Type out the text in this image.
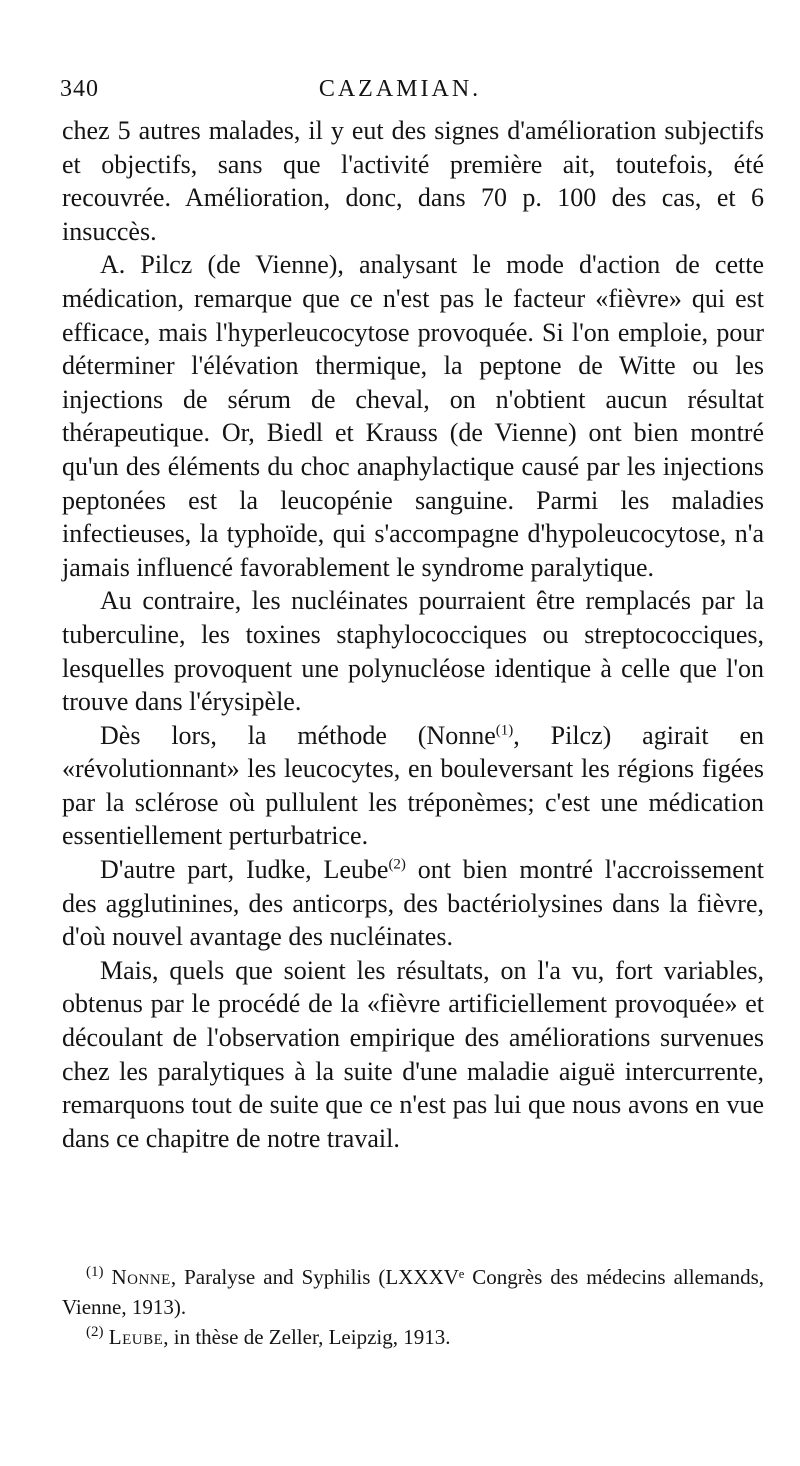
340	CAZAMIAN.

chez 5 autres malades, il y eut des signes d'amélioration subjectifs et objectifs, sans que l'activité première ait, toutefois, été recouvrée. Amélioration, donc, dans 70 p. 100 des cas, et 6 insuccès.

A. Pilcz (de Vienne), analysant le mode d'action de cette médication, remarque que ce n'est pas le facteur «fièvre» qui est efficace, mais l'hyperleucocytose provoquée. Si l'on emploie, pour déterminer l'élévation thermique, la peptone de Witte ou les injections de sérum de cheval, on n'obtient aucun résultat thérapeutique. Or, Biedl et Krauss (de Vienne) ont bien montré qu'un des éléments du choc anaphylactique causé par les injections peptonées est la leucopénie sanguine. Parmi les maladies infectieuses, la typhoïde, qui s'accompagne d'hypoleucocytose, n'a jamais influencé favorablement le syndrome paralytique.

Au contraire, les nucléinates pourraient être remplacés par la tuberculine, les toxines staphylococciques ou streptococciques, lesquelles provoquent une polynucléose identique à celle que l'on trouve dans l'érysipèle.

Dès lors, la méthode (Nonne$^{(1)}$, Pilcz) agirait en «révolutionnant» les leucocytes, en bouleversant les régions figées par la sclérose où pullulent les tréponèmes; c'est une médication essentiellement perturbatrice.

D'autre part, Iudke, Leube$^{(2)}$ ont bien montré l'accroissement des agglutinines, des anticorps, des bactériolysines dans la fièvre, d'où nouvel avantage des nucléinates.

Mais, quels que soient les résultats, on l'a vu, fort variables, obtenus par le procédé de la «fièvre artificiellement provoquée» et découlant de l'observation empirique des améliorations survenues chez les paralytiques à la suite d'une maladie aiguë intercurrente, remarquons tout de suite que ce n'est pas lui que nous avons en vue dans ce chapitre de notre travail.

$^{(1)}$ Nonne, Paralyse and Syphilis (LXXXVᵉ Congrès des médecins allemands, Vienne, 1913).

$^{(2)}$ Leube, in thèse de Zeller, Leipzig, 1913.
